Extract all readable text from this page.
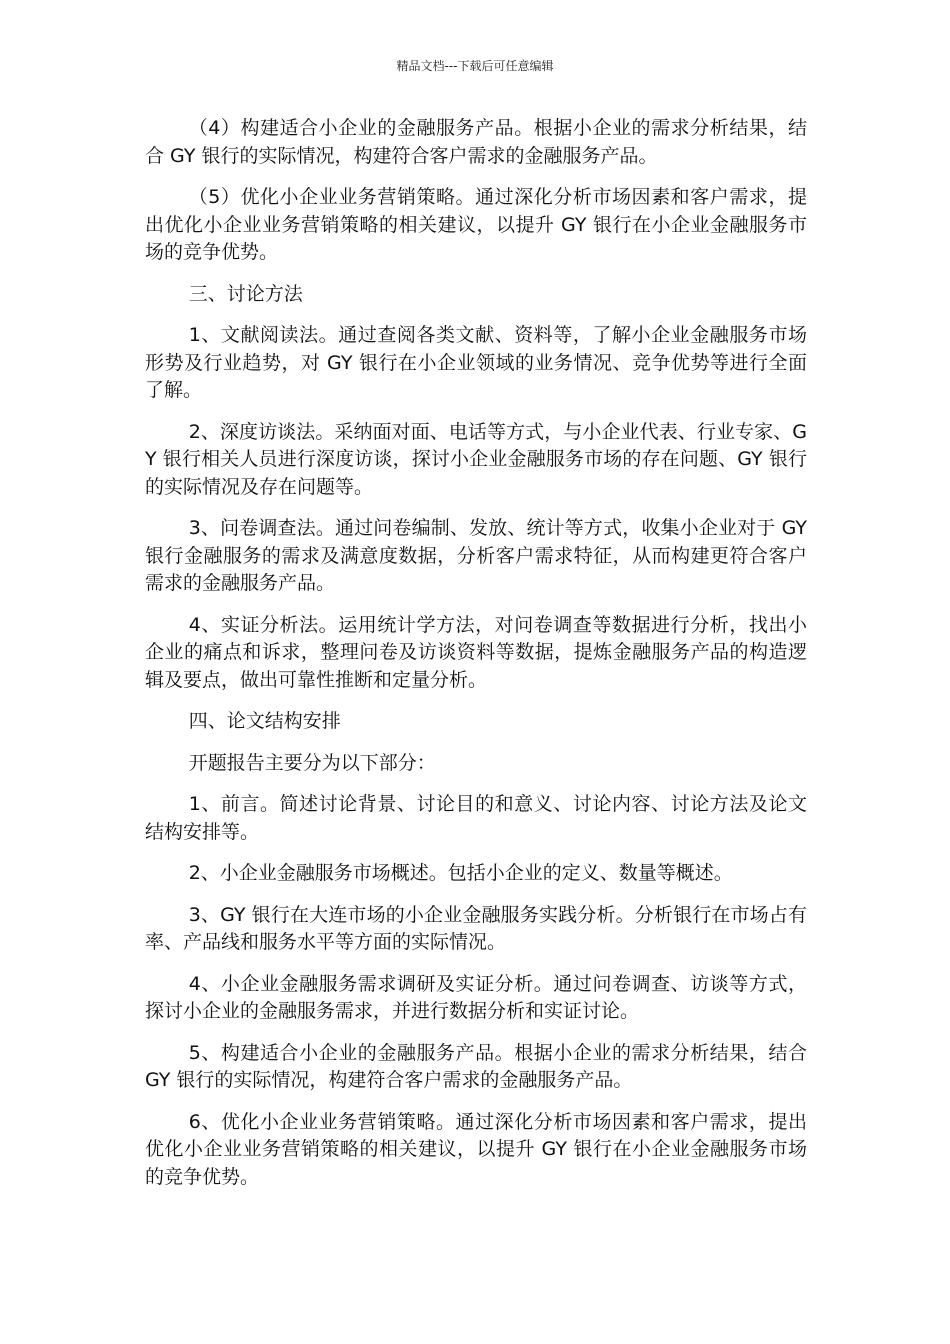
精品文档---下载后可任意编辑

（4）构建适合小企业的金融服务产品。根据小企业的需求分析结果，结合 GY 银行的实际情况，构建符合客户需求的金融服务产品。

（5）优化小企业业务营销策略。通过深化分析市场因素和客户需求，提出优化小企业业务营销策略的相关建议，以提升 GY 银行在小企业金融服务市场的竞争优势。

三、讨论方法

1、文献阅读法。通过查阅各类文献、资料等，了解小企业金融服务市场形势及行业趋势，对 GY 银行在小企业领域的业务情况、竞争优势等进行全面了解。

2、深度访谈法。采纳面对面、电话等方式，与小企业代表、行业专家、GY 银行相关人员进行深度访谈，探讨小企业金融服务市场的存在问题、GY 银行的实际情况及存在问题等。

3、问卷调查法。通过问卷编制、发放、统计等方式，收集小企业对于 GY 银行金融服务的需求及满意度数据，分析客户需求特征，从而构建更符合客户需求的金融服务产品。

4、实证分析法。运用统计学方法，对问卷调查等数据进行分析，找出小企业的痛点和诉求，整理问卷及访谈资料等数据，提炼金融服务产品的构造逻辑及要点，做出可靠性推断和定量分析。

四、论文结构安排

开题报告主要分为以下部分：

1、前言。简述讨论背景、讨论目的和意义、讨论内容、讨论方法及论文结构安排等。

2、小企业金融服务市场概述。包括小企业的定义、数量等概述。

3、GY 银行在大连市场的小企业金融服务实践分析。分析银行在市场占有率、产品线和服务水平等方面的实际情况。

4、小企业金融服务需求调研及实证分析。通过问卷调查、访谈等方式，探讨小企业的金融服务需求，并进行数据分析和实证讨论。

5、构建适合小企业的金融服务产品。根据小企业的需求分析结果，结合 GY 银行的实际情况，构建符合客户需求的金融服务产品。

6、优化小企业业务营销策略。通过深化分析市场因素和客户需求，提出优化小企业业务营销策略的相关建议，以提升 GY 银行在小企业金融服务市场的竞争优势。
